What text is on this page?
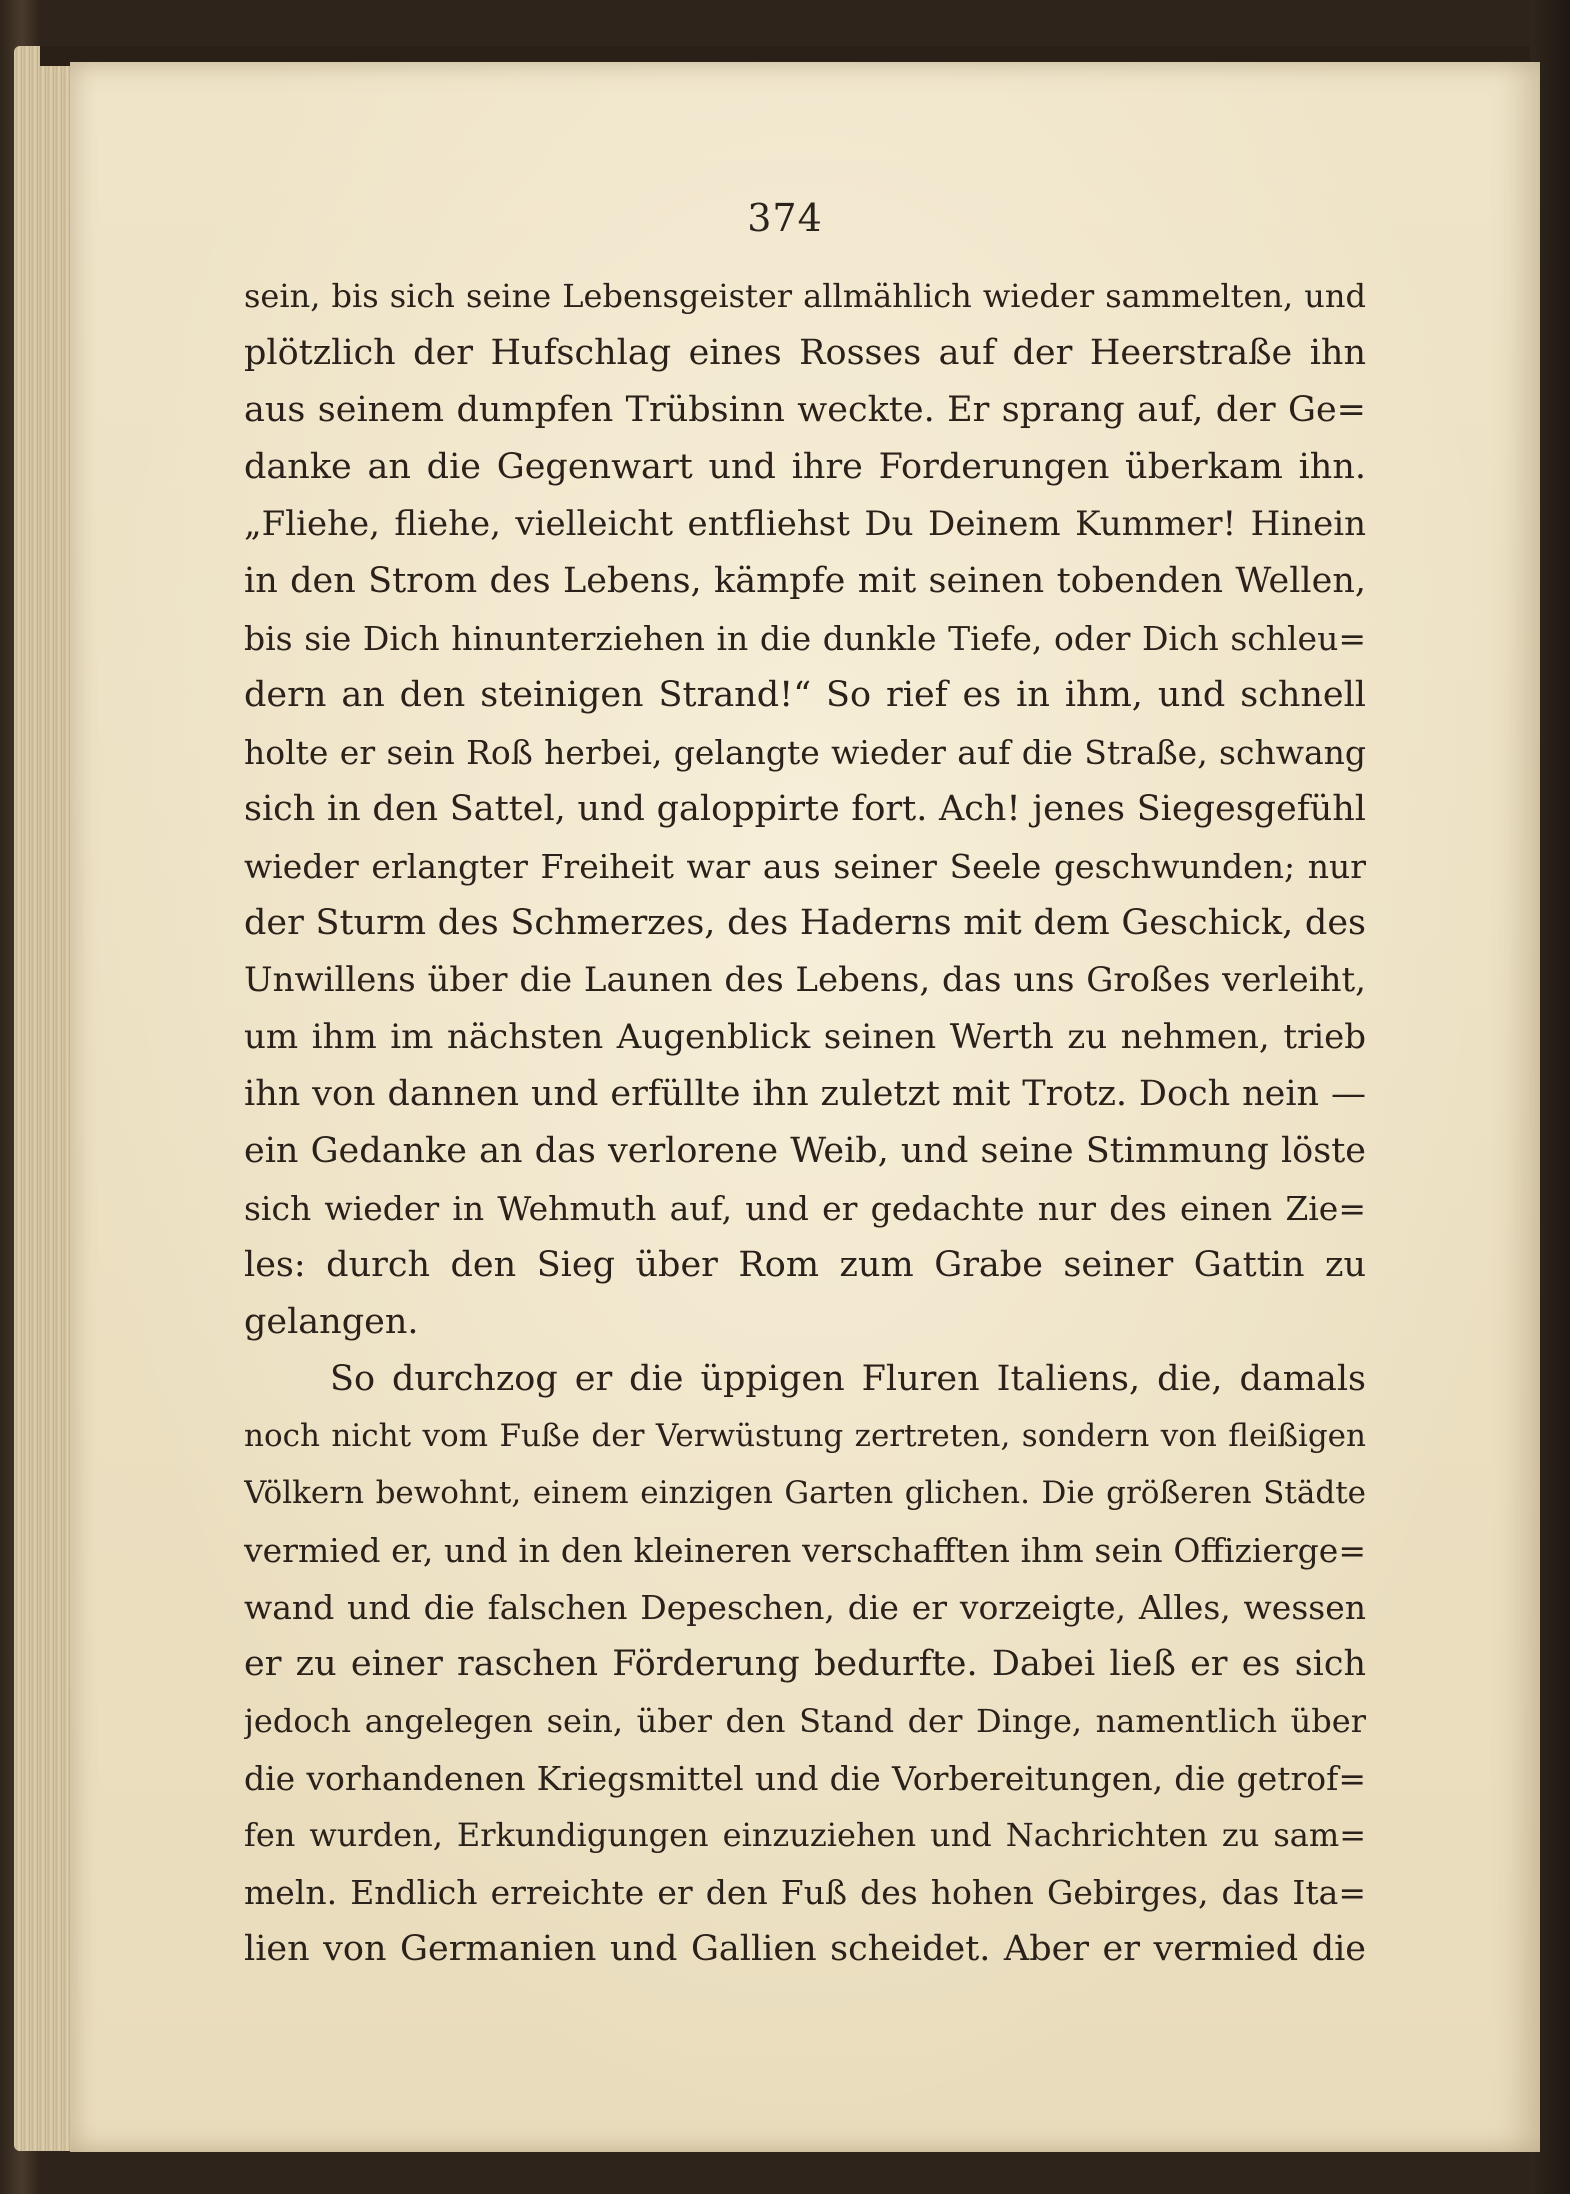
374
sein, bis sich seine Lebensgeister allmählich wieder sammelten, und
plötzlich der Hufschlag eines Rosses auf der Heerstraße ihn
aus seinem dumpfen Trübsinn weckte. Er sprang auf, der Ge=
danke an die Gegenwart und ihre Forderungen überkam ihn.
„Fliehe, fliehe, vielleicht entfliehst Du Deinem Kummer! Hinein
in den Strom des Lebens, kämpfe mit seinen tobenden Wellen,
bis sie Dich hinunterziehen in die dunkle Tiefe, oder Dich schleu=
dern an den steinigen Strand!“ So rief es in ihm, und schnell
holte er sein Roß herbei, gelangte wieder auf die Straße, schwang
sich in den Sattel, und galoppirte fort. Ach! jenes Siegesgefühl
wieder erlangter Freiheit war aus seiner Seele geschwunden; nur
der Sturm des Schmerzes, des Haderns mit dem Geschick, des
Unwillens über die Launen des Lebens, das uns Großes verleiht,
um ihm im nächsten Augenblick seinen Werth zu nehmen, trieb
ihn von dannen und erfüllte ihn zuletzt mit Trotz. Doch nein —
ein Gedanke an das verlorene Weib, und seine Stimmung löste
sich wieder in Wehmuth auf, und er gedachte nur des einen Zie=
les: durch den Sieg über Rom zum Grabe seiner Gattin zu
gelangen.
So durchzog er die üppigen Fluren Italiens, die, damals
noch nicht vom Fuße der Verwüstung zertreten, sondern von fleißigen
Völkern bewohnt, einem einzigen Garten glichen. Die größeren Städte
vermied er, und in den kleineren verschafften ihm sein Offizierge=
wand und die falschen Depeschen, die er vorzeigte, Alles, wessen
er zu einer raschen Förderung bedurfte. Dabei ließ er es sich
jedoch angelegen sein, über den Stand der Dinge, namentlich über
die vorhandenen Kriegsmittel und die Vorbereitungen, die getrof=
fen wurden, Erkundigungen einzuziehen und Nachrichten zu sam=
meln. Endlich erreichte er den Fuß des hohen Gebirges, das Ita=
lien von Germanien und Gallien scheidet. Aber er vermied die
